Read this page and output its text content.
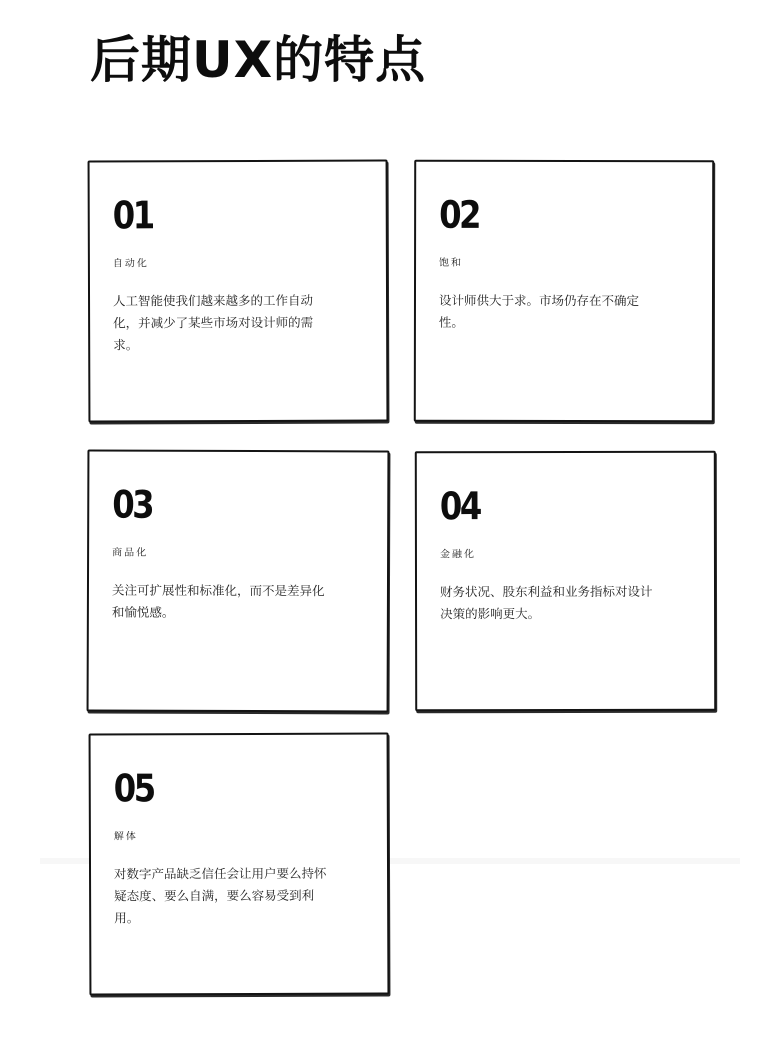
后期UX的特点
01
自动化
人工智能使我们越来越多的工作自动化，并减少了某些市场对设计师的需求。
02
饱和
设计师供大于求。市场仍存在不确定性。
03
商品化
关注可扩展性和标准化，而不是差异化和愉悦感。
04
金融化
财务状况、股东利益和业务指标对设计决策的影响更大。
05
解体
对数字产品缺乏信任会让用户要么持怀疑态度、要么自满，要么容易受到利用。
